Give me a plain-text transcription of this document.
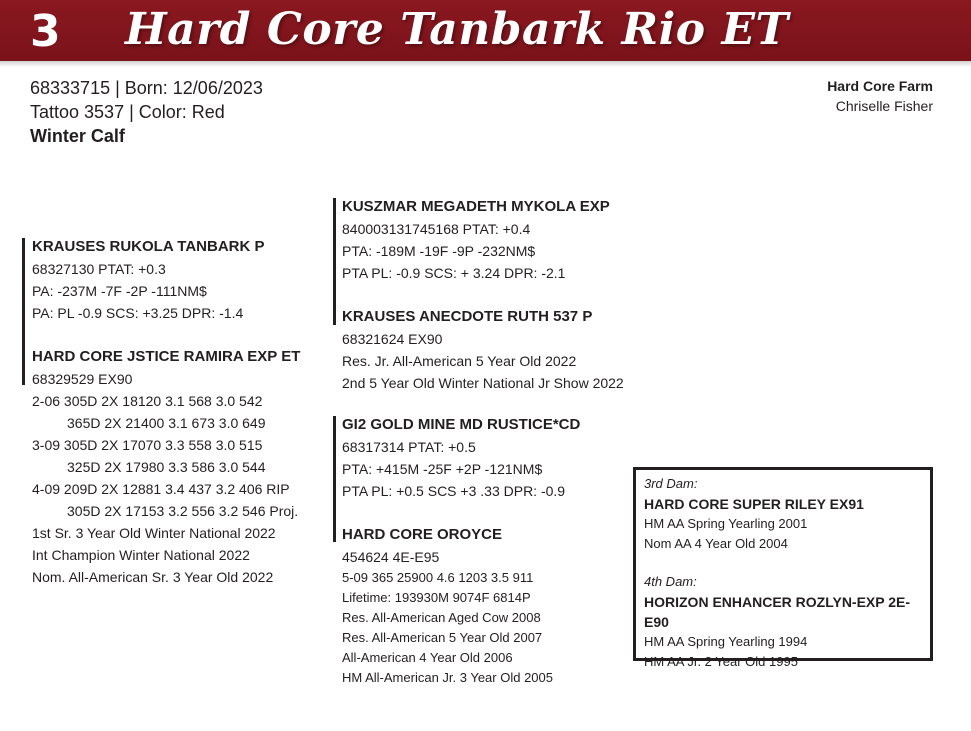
3 Hard Core Tanbark Rio ET
68333715 | Born: 12/06/2023
Tattoo 3537 | Color: Red
Winter Calf
Hard Core Farm
Chriselle Fisher
KRAUSES RUKOLA TANBARK P
68327130 PTAT: +0.3
PA: -237M -7F -2P -111NM$
PA: PL -0.9 SCS: +3.25 DPR: -1.4
HARD CORE JSTICE RAMIRA EXP ET
68329529 EX90
2-06 305D 2X 18120 3.1 568 3.0 542
365D 2X 21400 3.1 673 3.0 649
3-09 305D 2X 17070 3.3 558 3.0 515
325D 2X 17980 3.3 586 3.0 544
4-09 209D 2X 12881 3.4 437 3.2 406 RIP
305D 2X 17153 3.2 556 3.2 546 Proj.
1st Sr. 3 Year Old Winter National 2022
Int Champion Winter National 2022
Nom. All-American Sr. 3 Year Old 2022
KUSZMAR MEGADETH MYKOLA EXP
840003131745168 PTAT: +0.4
PTA: -189M -19F -9P -232NM$
PTA PL: -0.9 SCS: + 3.24 DPR: -2.1
KRAUSES ANECDOTE RUTH 537 P
68321624 EX90
Res. Jr. All-American 5 Year Old 2022
2nd 5 Year Old Winter National Jr Show 2022
GI2 GOLD MINE MD RUSTICE*CD
68317314 PTAT: +0.5
PTA: +415M -25F +2P -121NM$
PTA PL: +0.5 SCS +3 .33 DPR: -0.9
HARD CORE OROYCE
454624 4E-E95
5-09 365 25900 4.6 1203 3.5 911
Lifetime: 193930M 9074F 6814P
Res. All-American Aged Cow 2008
Res. All-American 5 Year Old 2007
All-American 4 Year Old 2006
HM All-American Jr. 3 Year Old 2005
3rd Dam:
HARD CORE SUPER RILEY EX91
HM AA Spring Yearling 2001
Nom AA 4 Year Old 2004
4th Dam:
HORIZON ENHANCER ROZLYN-EXP 2E-E90
HM AA Spring Yearling 1994
HM AA Jr. 2 Year Old 1995
